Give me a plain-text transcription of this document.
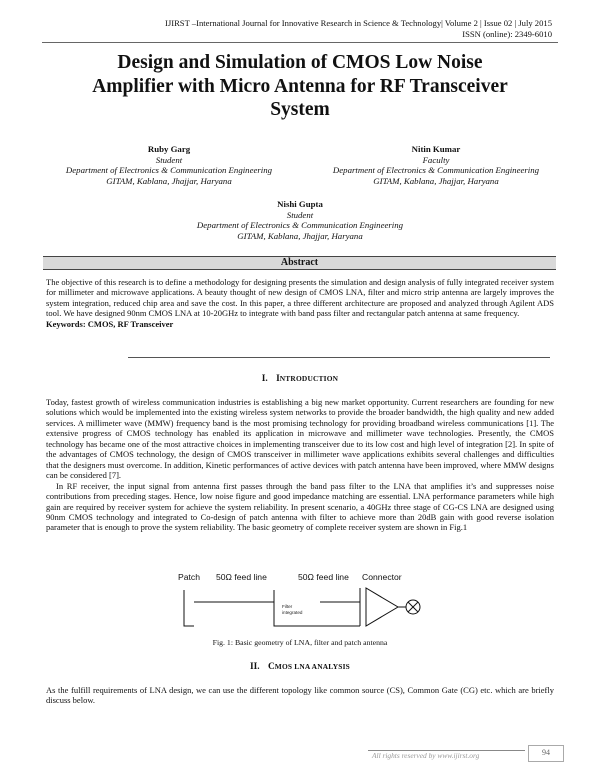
IJIRST –International Journal for Innovative Research in Science & Technology| Volume 2 | Issue 02 | July 2015
ISSN (online): 2349-6010
Design and Simulation of CMOS Low Noise
Amplifier with Micro Antenna for RF Transceiver
System
Ruby Garg
Student
Department of Electronics & Communication Engineering
GITAM, Kablana, Jhajjar, Haryana
Nitin Kumar
Faculty
Department of Electronics & Communication Engineering
GITAM, Kablana, Jhajjar, Haryana
Nishi Gupta
Student
Department of Electronics & Communication Engineering
GITAM, Kablana, Jhajjar, Haryana
Abstract

The objective of this research is to define a methodology for designing presents the simulation and design analysis of fully integrated receiver system for millimeter and microwave applications. A beauty thought of new design of CMOS LNA, filter and micro strip antenna are largely improves the system integration, reduced chip area and save the cost. In this paper, a three different architecture are proposed and analyzed through Agilent ADS tool. We have designed 90nm CMOS LNA at 10-20GHz to integrate with band pass filter and rectangular patch antenna at same frequency.

Keywords: CMOS, RF Transceiver

I. INTRODUCTION

Today, fastest growth of wireless communication industries is establishing a big new market opportunity. Current researchers are founding for new solutions which would be implemented into the existing wireless system networks to provide the broader bandwidth, the high quality and new added services. A millimeter wave (MMW) frequency band is the most promising technology for providing broadband wireless communications [1]. The extensive progress of CMOS technology has enabled its application in microwave and millimeter wave technologies. Presently, the CMOS technology has became one of the most attractive choices in implementing transceiver due to its low cost and high level of integration [2]. In spite of the advantages of CMOS technology, the design of CMOS transceiver in millimeter wave applications exhibits several challenges and difficulties that the designers must overcome. In addition, Kinetic performances of active devices with patch antenna have been improved, where MMW designs can be considered [7].

In RF receiver, the input signal from antenna first passes through the band pass filter to the LNA that amplifies it’s and suppresses noise contributions from preceding stages. Hence, low noise figure and good impedance matching are essential. LNA performance parameters while high gain are required by receiver system for achieve the system reliability. In present scenario, a 40GHz three stage of CG-CS LNA are designed using 90nm CMOS technology and integrated to Co-design of patch antenna with filter to achieve more than 20dB gain with good reverse isolation parameter that is enough to prove the system reliability. The basic geometry of complete receiver system are shown in Fig.1

Patch 50Ω feed line	50Ω feed line Connector
Filter
integrated
Fig. 1: Basic geometry of LNA, filter and patch antenna
II. CMOS LNA ANALYSIS

As the fulfill requirements of LNA design, we can use the different topology like common source (CS), Common Gate (CG) etc. which are briefly discuss below.

All rights reserved by www.ijirst.org	94
